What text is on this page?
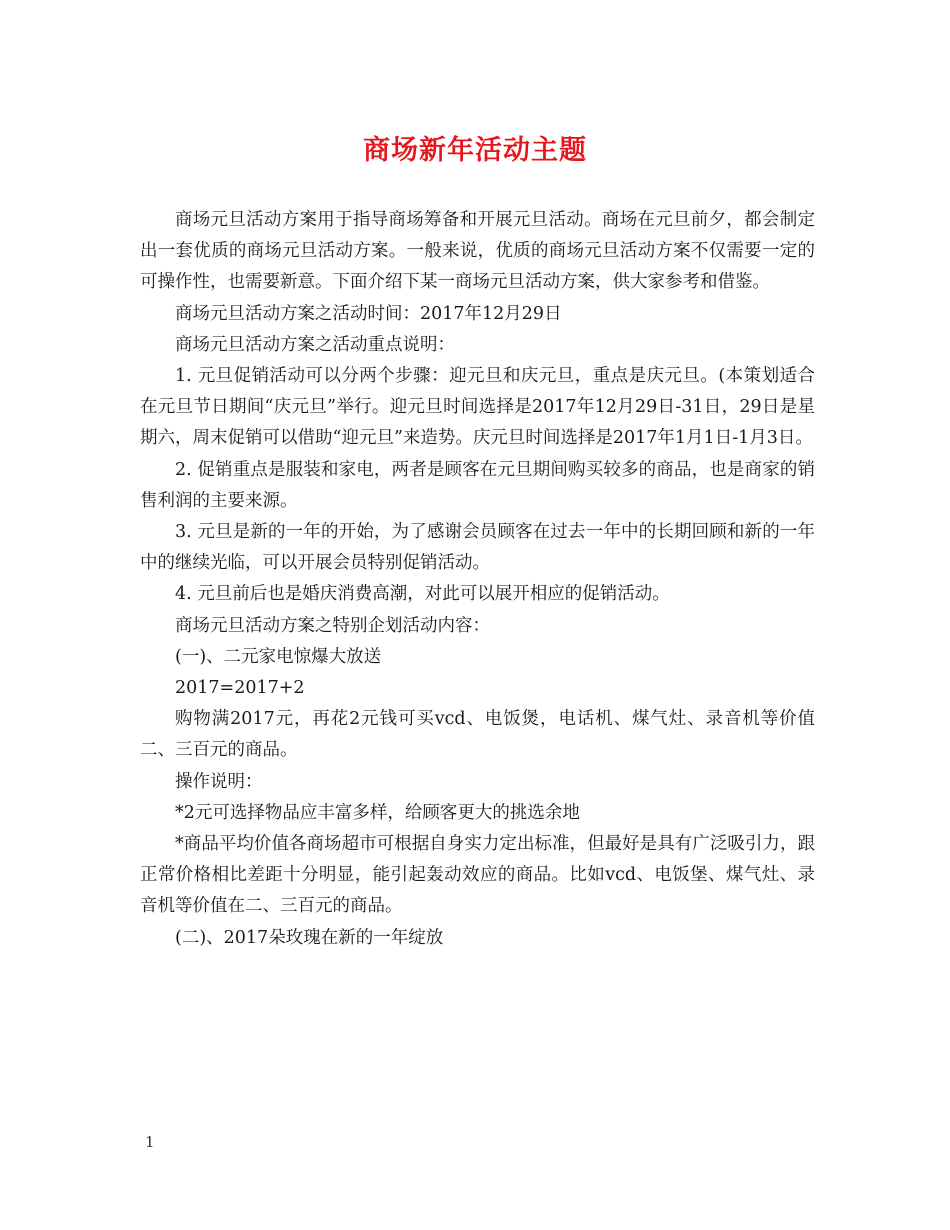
商场新年活动主题

商场元旦活动方案用于指导商场筹备和开展元旦活动。商场在元旦前夕，都会制定出一套优质的商场元旦活动方案。一般来说，优质的商场元旦活动方案不仅需要一定的可操作性，也需要新意。下面介绍下某一商场元旦活动方案，供大家参考和借鉴。

商场元旦活动方案之活动时间：2017年12月29日

商场元旦活动方案之活动重点说明：

1. 元旦促销活动可以分两个步骤：迎元旦和庆元旦，重点是庆元旦。(本策划适合在元旦节日期间“庆元旦”举行。迎元旦时间选择是2017年12月29日-31日，29日是星期六，周末促销可以借助“迎元旦”来造势。庆元旦时间选择是2017年1月1日-1月3日。

2. 促销重点是服装和家电，两者是顾客在元旦期间购买较多的商品，也是商家的销售利润的主要来源。

3. 元旦是新的一年的开始，为了感谢会员顾客在过去一年中的长期回顾和新的一年中的继续光临，可以开展会员特别促销活动。

4. 元旦前后也是婚庆消费高潮，对此可以展开相应的促销活动。

商场元旦活动方案之特别企划活动内容：

(一)、二元家电惊爆大放送

2017=2017+2

购物满2017元，再花2元钱可买vcd、电饭煲，电话机、煤气灶、录音机等价值二、三百元的商品。

操作说明：

*2元可选择物品应丰富多样，给顾客更大的挑选余地

*商品平均价值各商场超市可根据自身实力定出标准，但最好是具有广泛吸引力，跟正常价格相比差距十分明显，能引起轰动效应的商品。比如vcd、电饭堡、煤气灶、录音机等价值在二、三百元的商品。

(二)、2017朵玫瑰在新的一年绽放

1
